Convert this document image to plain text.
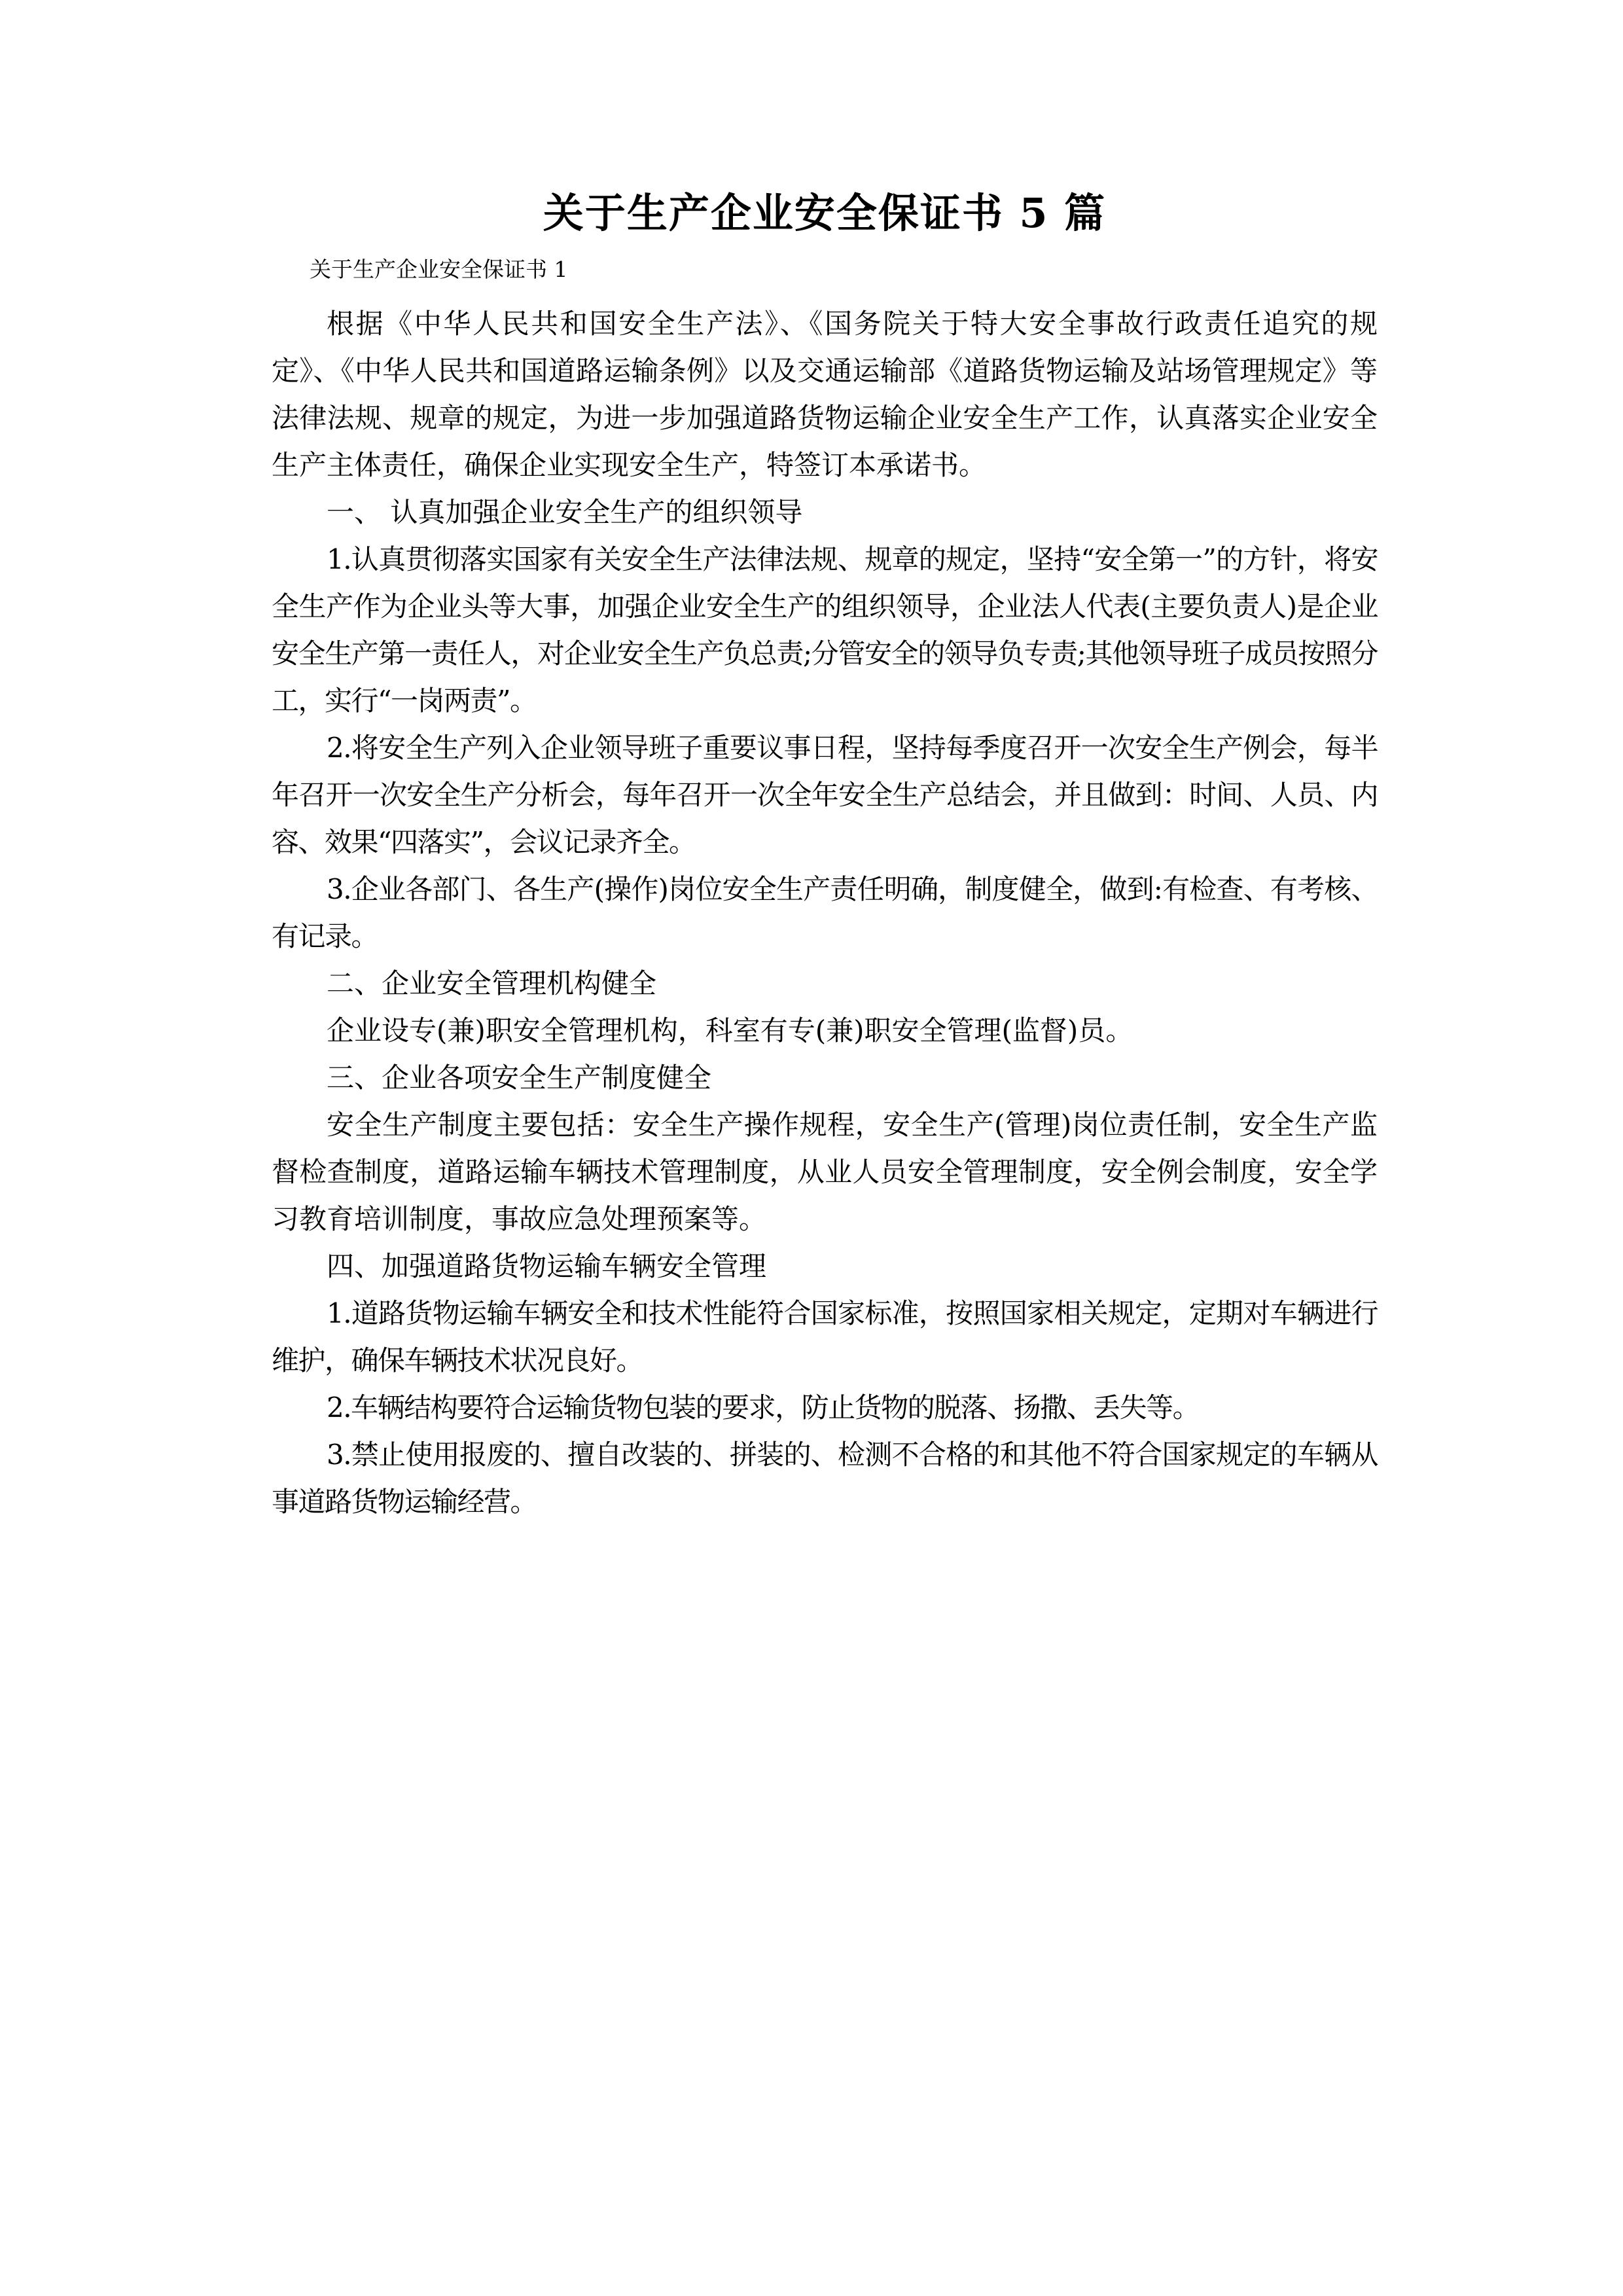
关于生产企业安全保证书 5 篇
关于生产企业安全保证书 1

根据《中华人民共和国安全生产法》、《国务院关于特大安全事故行政责任追究的规定》、《中华人民共和国道路运输条例》以及交通运输部《道路货物运输及站场管理规定》等法律法规、规章的规定，为进一步加强道路货物运输企业安全生产工作，认真落实企业安全生产主体责任，确保企业实现安全生产，特签订本承诺书。

一、 认真加强企业安全生产的组织领导

1.认真贯彻落实国家有关安全生产法律法规、规章的规定，坚持“安全第一”的方针，将安全生产作为企业头等大事，加强企业安全生产的组织领导，企业法人代表(主要负责人)是企业安全生产第一责任人，对企业安全生产负总责;分管安全的领导负专责;其他领导班子成员按照分工，实行“一岗两责”。

2.将安全生产列入企业领导班子重要议事日程，坚持每季度召开一次安全生产例会，每半年召开一次安全生产分析会，每年召开一次全年安全生产总结会，并且做到：时间、人员、内容、效果“四落实”，会议记录齐全。

3.企业各部门、各生产(操作)岗位安全生产责任明确，制度健全，做到:有检查、有考核、有记录。

二、企业安全管理机构健全

企业设专(兼)职安全管理机构，科室有专(兼)职安全管理(监督)员。

三、企业各项安全生产制度健全

安全生产制度主要包括：安全生产操作规程，安全生产(管理)岗位责任制，安全生产监督检查制度，道路运输车辆技术管理制度，从业人员安全管理制度，安全例会制度，安全学习教育培训制度，事故应急处理预案等。

四、加强道路货物运输车辆安全管理

1.道路货物运输车辆安全和技术性能符合国家标准，按照国家相关规定，定期对车辆进行维护，确保车辆技术状况良好。

2.车辆结构要符合运输货物包装的要求，防止货物的脱落、扬撒、丢失等。

3.禁止使用报废的、擅自改装的、拼装的、检测不合格的和其他不符合国家规定的车辆从事道路货物运输经营。
